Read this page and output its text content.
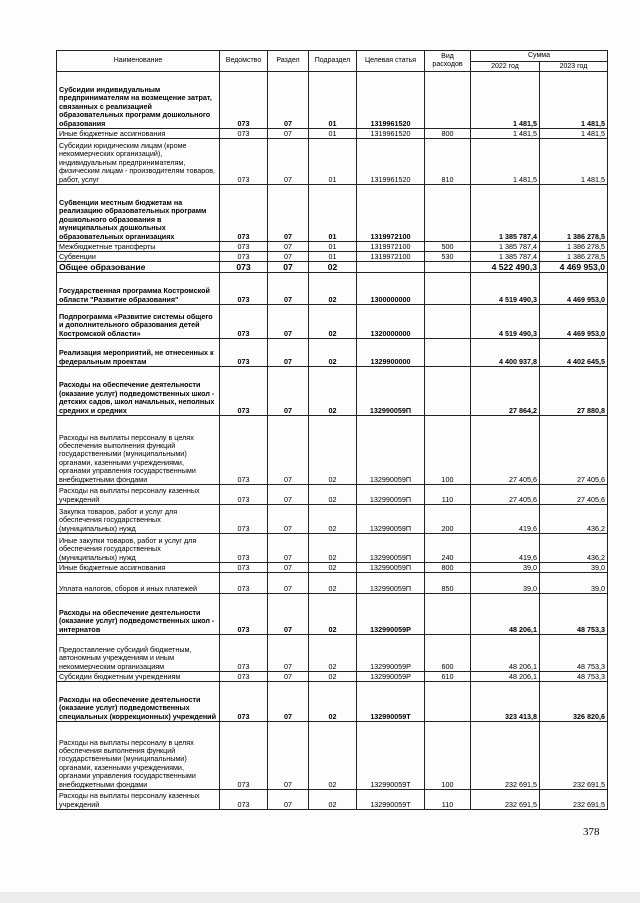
Наименование	Ведомство	Раздел	Подраздел	Целевая статья	Вид расходов	Сумма	
						2022 год	2023 год
Субсидии индивидуальным предпринимателям на возмещение затрат, связанных с реализацией образовательных программ дошкольного образования	073	07	01	1319961520		1 481,5	1 481,5
Иные бюджетные ассигнования	073	07	01	1319961520	800	1 481,5	1 481,5
Субсидии юридическим лицам (кроме некоммерческих организаций), индивидуальным предпринимателям, физическим лицам - производителям товаров, работ, услуг	073	07	01	1319961520	810	1 481,5	1 481,5
Субвенции местным бюджетам на реализацию образовательных программ дошкольного образования в муниципальных дошкольных образовательных организациях	073	07	01	1319972100		1 385 787,4	1 386 278,5
Межбюджетные трансферты	073	07	01	1319972100	500	1 385 787,4	1 386 278,5
Субвенции	073	07	01	1319972100	530	1 385 787,4	1 386 278,5
Общее образование	073	07	02			4 522 490,3	4 469 953,0
Государственная программа Костромской области "Развитие образования"	073	07	02	1300000000		4 519 490,3	4 469 953,0
Подпрограмма «Развитие системы общего и дополнительного образования детей Костромской области»	073	07	02	1320000000		4 519 490,3	4 469 953,0
Реализация мероприятий, не отнесенных к федеральным проектам	073	07	02	1329900000		4 400 937,8	4 402 645,5
Расходы на обеспечение деятельности (оказание услуг) подведомственных школ - детских садов, школ начальных, неполных средних и средних	073	07	02	132990059П		27 864,2	27 880,8
Расходы на выплаты персоналу в целях обеспечения выполнения функций государственными (муниципальными) органами, казенными учреждениями, органами управления государственными внебюджетными фондами	073	07	02	132990059П	100	27 405,6	27 405,6
Расходы на выплаты персоналу казенных учреждений	073	07	02	132990059П	110	27 405,6	27 405,6
Закупка товаров, работ и услуг для обеспечения государственных (муниципальных) нужд	073	07	02	132990059П	200	419,6	436,2
Иные закупки товаров, работ и услуг для обеспечения государственных (муниципальных) нужд	073	07	02	132990059П	240	419,6	436,2
Иные бюджетные ассигнования	073	07	02	132990059П	800	39,0	39,0
Уплата налогов, сборов и иных платежей	073	07	02	132990059П	850	39,0	39,0
Расходы на обеспечение деятельности (оказание услуг) подведомственных школ - интернатов	073	07	02	132990059Р		48 206,1	48 753,3
Предоставление субсидий бюджетным, автономным учреждениям и иным некоммерческим организациям	073	07	02	132990059Р	600	48 206,1	48 753,3
Субсидии бюджетным учреждениям	073	07	02	132990059Р	610	48 206,1	48 753,3
Расходы на обеспечение деятельности (оказание услуг) подведомственных специальных (коррекционных) учреждений	073	07	02	132990059Т		323 413,8	326 820,6
Расходы на выплаты персоналу в целях обеспечения выполнения функций государственными (муниципальными) органами, казенными учреждениями, органами управления государственными внебюджетными фондами	073	07	02	132990059Т	100	232 691,5	232 691,5
Расходы на выплаты персоналу казенных учреждений	073	07	02	132990059Т	110	232 691,5	232 691,5
378
